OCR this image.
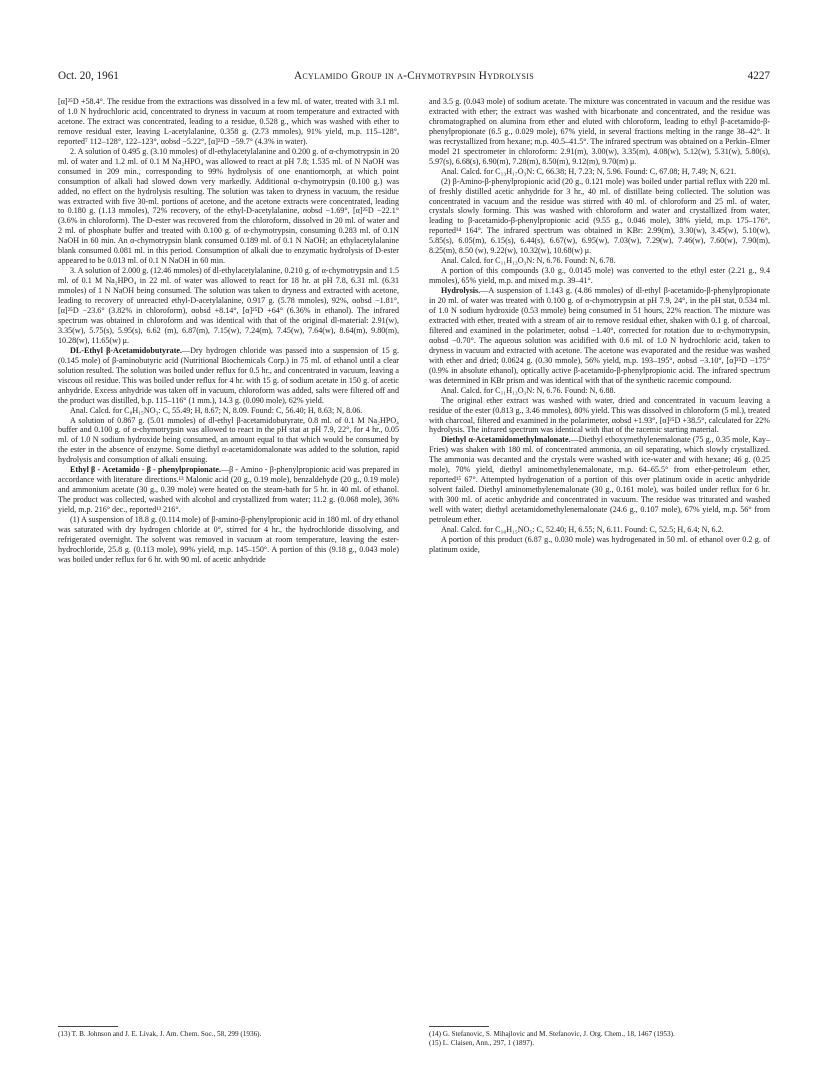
Oct. 20, 1961	Acylamido Group in α-Chymotrypsin Hydrolysis	4227

[α]²⁵D +58.4°. The residue from the extractions was dissolved in a few ml. of water, treated with 3.1 ml. of 1.0 N hydrochloric acid, concentrated to dryness in vacuum at room temperature and extracted with acetone. The extract was concentrated, leading to a residue, 0.528 g., which was washed with ether to remove residual ester, leaving L-acetylalanine, 0.358 g. (2.73 mmoles), 91% yield, m.p. 115–128°, reported⁷ 112–128°, 122–123°, αobsd −5.22°, [α]²⁵D −59.7° (4.3% in water).

2. A solution of 0.495 g. (3.10 mmoles) of dl-ethylacetylalanine and 0.200 g. of α-chymotrypsin in 20 ml. of water and 1.2 ml. of 0.1 M Na₂HPO₄ was allowed to react at pH 7.8; 1.535 ml. of N NaOH was consumed in 209 min., corresponding to 99% hydrolysis of one enantiomorph, at which point consumption of alkali had slowed down very markedly. Additional α-chymotrypsin (0.100 g.) was added, no effect on the hydrolysis resulting. The solution was taken to dryness in vacuum, the residue was extracted with five 30-ml. portions of acetone, and the acetone extracts were concentrated, leading to 0.180 g. (1.13 mmoles), 72% recovery, of the ethyl-D-acetylalanine, αobsd −1.69°, [α]²⁵D −22.1° (3.6% in chloroform). The D-ester was recovered from the chloroform, dissolved in 20 ml. of water and 2 ml. of phosphate buffer and treated with 0.100 g. of α-chymotrypsin, consuming 0.283 ml. of 0.1N NaOH in 60 min. An α-chymotrypsin blank consumed 0.189 ml. of 0.1 N NaOH; an ethylacetylalanine blank consumed 0.081 ml. in this period. Consumption of alkali due to enzymatic hydrolysis of D-ester appeared to be 0.013 ml. of 0.1 N NaOH in 60 min.

3. A solution of 2.000 g. (12.46 mmoles) of dl-ethylacetylalanine, 0.210 g. of α-chymotrypsin and 1.5 ml. of 0.1 M Na₂HPO₄ in 22 ml. of water was allowed to react for 18 hr. at pH 7.8, 6.31 ml. (6.31 mmoles) of 1 N NaOH being consumed. The solution was taken to dryness and extracted with acetone, leading to recovery of unreacted ethyl-D-acetylalanine, 0.917 g. (5.78 mmoles), 92%, αobsd −1.81°, [α]²⁵D −23.6° (3.82% in chloroform), αobsd +8.14°, [α]²⁵D +64° (6.36% in ethanol). The infrared spectrum was obtained in chloroform and was identical with that of the original dl-material: 2.91(w), 3.35(w), 5.75(s), 5.95(s), 6.62 (m), 6.87(m), 7.15(w), 7.24(m), 7.45(w), 7.64(w), 8.64(m), 9.80(m), 10.28(w), 11.65(w) μ.

DL-Ethyl β-Acetamidobutyrate.—Dry hydrogen chloride was passed into a suspension of 15 g. (0.145 mole) of β-aminobutyric acid (Nutritional Biochemicals Corp.) in 75 ml. of ethanol until a clear solution resulted. The solution was boiled under reflux for 0.5 hr., and concentrated in vacuum, leaving a viscous oil residue. This was boiled under reflux for 4 hr. with 15 g. of sodium acetate in 150 g. of acetic anhydride. Excess anhydride was taken off in vacuum, chloroform was added, salts were filtered off and the product was distilled, b.p. 115–116° (1 mm.), 14.3 g. (0.090 mole), 62% yield.

Anal. Calcd. for C₈H₁₅NO₃: C, 55.49; H, 8.67; N, 8.09. Found: C, 56.40; H, 8.63; N, 8.06.

A solution of 0.867 g. (5.01 mmoles) of dl-ethyl β-acetamidobutyrate, 0.8 ml. of 0.1 M Na₂HPO₄ buffer and 0.100 g. of α-chymotrypsin was allowed to react in the pH stat at pH 7.9, 22°, for 4 hr., 0.05 ml. of 1.0 N sodium hydroxide being consumed, an amount equal to that which would be consumed by the ester in the absence of enzyme. Some diethyl α-acetamidomalonate was added to the solution, rapid hydrolysis and consumption of alkali ensuing.

Ethyl β - Acetamido - β - phenylpropionate.—β - Amino - β-phenylpropionic acid was prepared in accordance with literature directions.¹³ Malonic acid (20 g., 0.19 mole), benzaldehyde (20 g., 0.19 mole) and ammonium acetate (30 g., 0.39 mole) were heated on the steam-bath for 5 hr. in 40 ml. of ethanol. The product was collected, washed with alcohol and crystallized from water; 11.2 g. (0.068 mole), 36% yield, m.p. 216° dec., reported¹³ 216°.

(1) A suspension of 18.8 g. (0.114 mole) of β-amino-β-phenylpropionic acid in 180 ml. of dry ethanol was saturated with dry hydrogen chloride at 0°, stirred for 4 hr., the hydrochloride dissolving, and refrigerated overnight. The solvent was removed in vacuum at room temperature, leaving the ester-hydrochloride, 25.8 g. (0.113 mole), 99% yield, m.p. 145–150°. A portion of this (9.18 g., 0.043 mole) was boiled under reflux for 6 hr. with 90 ml. of acetic anhydride

and 3.5 g. (0.043 mole) of sodium acetate. The mixture was concentrated in vacuum and the residue was extracted with ether; the extract was washed with bicarbonate and concentrated, and the residue was chromatographed on alumina from ether and eluted with chloroform, leading to ethyl β-acetamido-β-phenylpropionate (6.5 g., 0.029 mole), 67% yield, in several fractions melting in the range 38–42°. It was recrystallized from hexane; m.p. 40.5–41.5°. The infrared spectrum was obtained on a Perkin–Elmer model 21 spectrometer in chloroform: 2.91(m), 3.00(w), 3.35(m), 4.08(w), 5.12(w), 5.31(w), 5.80(s), 5.97(s), 6.68(s), 6.90(m), 7.28(m), 8.50(m), 9.12(m), 9.70(m) μ.

Anal. Calcd. for C₁₃H₁₇O₃N: C, 66.38; H, 7.23; N, 5.96. Found: C, 67.08; H, 7.49; N, 6.21.

(2) β-Amino-β-phenylpropionic acid (20 g., 0.121 mole) was boiled under partial reflux with 220 ml. of freshly distilled acetic anhydride for 3 hr., 40 ml. of distillate being collected. The solution was concentrated in vacuum and the residue was stirred with 40 ml. of chloroform and 25 ml. of water, crystals slowly forming. This was washed with chloroform and water and crystallized from water, leading to β-acetamido-β-phenylpropionic acid (9.55 g., 0.046 mole), 38% yield, m.p. 175–176°, reported¹⁴ 164°. The infrared spectrum was obtained in KBr: 2.99(m), 3.30(w), 3.45(w), 5.10(w), 5.85(s), 6.05(m), 6.15(s), 6.44(s), 6.67(w), 6.95(w), 7.03(w), 7.29(w), 7.46(w), 7.60(w), 7.90(m), 8.25(m), 8.50 (w), 9.22(w), 10.32(w), 10.68(w) μ.

Anal. Calcd. for C₁₁H₁₃O₃N: N, 6.76. Found: N, 6.78.

A portion of this compounds (3.0 g., 0.0145 mole) was converted to the ethyl ester (2.21 g., 9.4 mmoles), 65% yield, m.p. and mixed m.p. 39–41°.

Hydrolysis.—A suspension of 1.143 g. (4.86 mmoles) of dl-ethyl β-acetamido-β-phenylpropionate in 20 ml. of water was treated with 0.100 g. of α-chymotrypsin at pH 7.9, 24°, in the pH stat, 0.534 ml. of 1.0 N sodium hydroxide (0.53 mmole) being consumed in 51 hours, 22% reaction. The mixture was extracted with ether, treated with a stream of air to remove residual ether, shaken with 0.1 g. of charcoal, filtered and examined in the polarimeter, αobsd −1.40°, corrected for rotation due to α-chymotrypsin, αobsd −0.70°. The aqueous solution was acidified with 0.6 ml. of 1.0 N hydrochloric acid, taken to dryness in vacuum and extracted with acetone. The acetone was evaporated and the residue was washed with ether and dried; 0.0624 g. (0.30 mmole), 56% yield, m.p. 193–195°, αobsd −3.10°, [α]²⁵D −175° (0.9% in absolute ethanol), optically active β-acetamido-β-phenylpropionic acid. The infrared spectrum was determined in KBr prism and was identical with that of the synthetic racemic compound.

Anal. Calcd. for C₁₁H₁₃O₃N: N, 6.76. Found: N, 6.88.

The original ether extract was washed with water, dried and concentrated in vacuum leaving a residue of the ester (0.813 g., 3.46 mmoles), 80% yield. This was dissolved in chloroform (5 ml.), treated with charcoal, filtered and examined in the polarimeter, αobsd +1.93°, [α]²⁵D +38.5°, calculated for 22% hydrolysis. The infrared spectrum was identical with that of the racemic starting material.

Diethyl α-Acetamidomethylmalonate.—Diethyl ethoxymethylenemalonate (75 g., 0.35 mole, Kay–Fries) was shaken with 180 ml. of concentrated ammonia, an oil separating, which slowly crystallized. The ammonia was decanted and the crystals were washed with ice-water and with hexane; 46 g. (0.25 mole), 70% yield, diethyl aminomethylenemalonate, m.p. 64–65.5° from ether-petroleum ether, reported¹⁵ 67°. Attempted hydrogenation of a portion of this over platinum oxide in acetic anhydride solvent failed. Diethyl aminomethylenemalonate (30 g., 0.161 mole), was boiled under reflux for 6 hr. with 300 ml. of acetic anhydride and concentrated in vacuum. The residue was triturated and washed well with water; diethyl acetamidomethylenemalonate (24.6 g., 0.107 mole), 67% yield, m.p. 56° from petroleum ether.

Anal. Calcd. for C₁₀H₁₅NO₅: C, 52.40; H, 6.55; N, 6.11. Found: C, 52.5; H, 6.4; N, 6.2.

A portion of this product (6.87 g., 0.030 mole) was hydrogenated in 50 ml. of ethanol over 0.2 g. of platinum oxide,

(13) T. B. Johnson and J. E. Livak, J. Am. Chem. Soc., 58, 299 (1936).	(14) G. Stefanovic, S. Mihajlovic and M. Stefanovic, J. Org. Chem., 18, 1467 (1953).

(15) L. Claisen, Ann., 297, 1 (1897).
